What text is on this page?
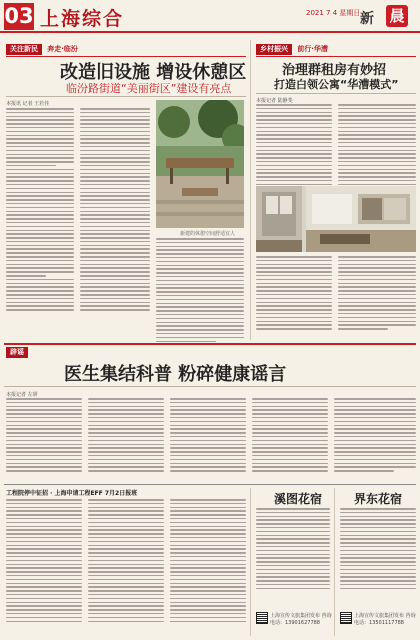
03 上海综合	2021 7 4 星期日 新 晨
关注新民 奔走·临汾
改造旧设施 增设休憩区
临汾路街道“美丽街区”建设有亮点
本报讯 记者 王若佳
新建的休憩空间舒适宜人
乡村振兴 前行·华漕
治理群租房有妙招
打造白领公寓“华漕模式”
本报记者 陆静斐
辟谣
医生集结科普 粉碎健康谣言
本报记者 左妍
工程院停中征招 · 上海申请工程EFF 7月2日报班	溪图花宿
上海宣传文旅集团发布 咨询
电话：13901627788
界东花宿
上海宣传文旅集团发布 咨询
电话：13501117788
